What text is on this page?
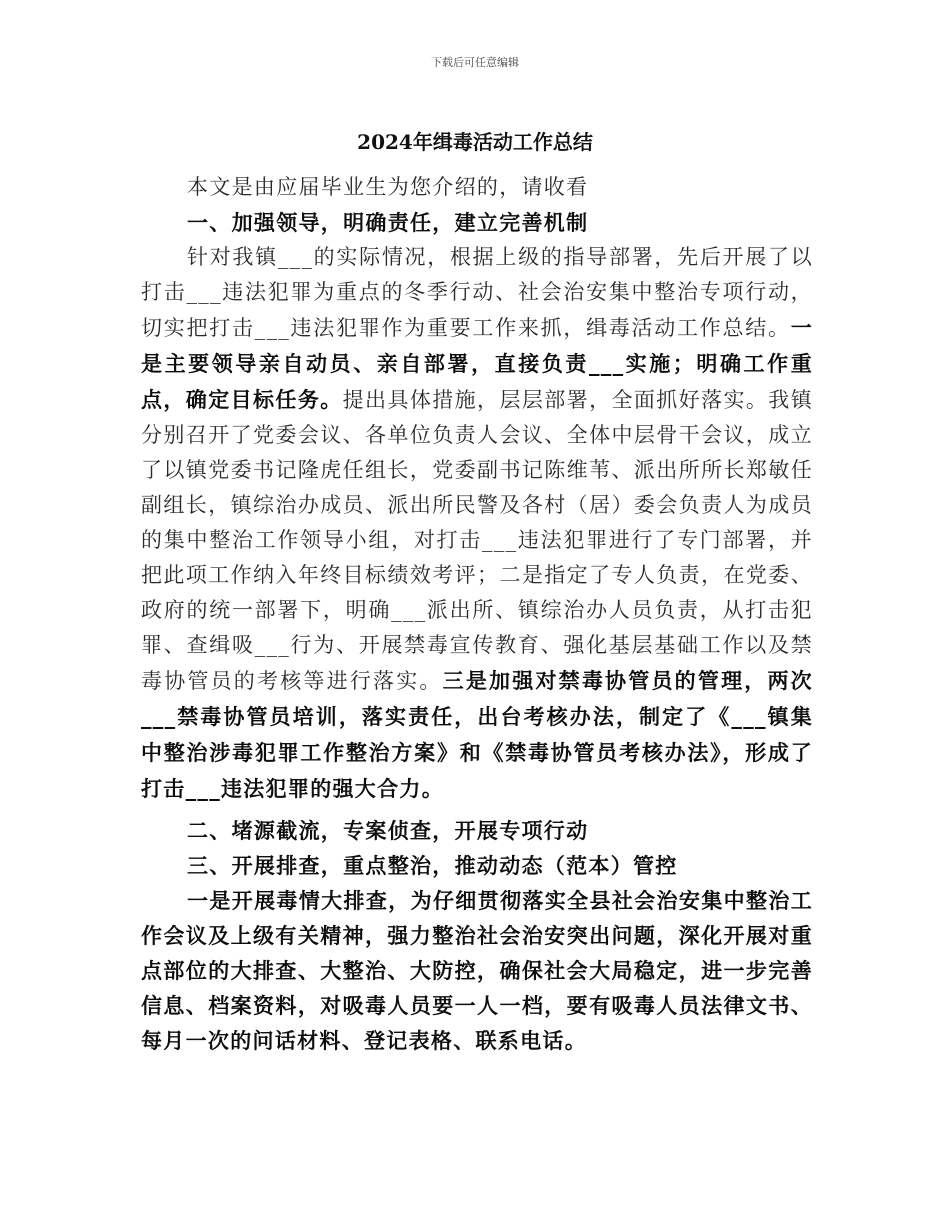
下载后可任意编辑
2024年缉毒活动工作总结

本文是由应届毕业生为您介绍的，请收看

一、加强领导，明确责任，建立完善机制

针对我镇___的实际情况，根据上级的指导部署，先后开展了以打击___违法犯罪为重点的冬季行动、社会治安集中整治专项行动，切实把打击___违法犯罪作为重要工作来抓，缉毒活动工作总结。一是主要领导亲自动员、亲自部署，直接负责___实施；明确工作重点，确定目标任务。提出具体措施，层层部署，全面抓好落实。我镇分别召开了党委会议、各单位负责人会议、全体中层骨干会议，成立了以镇党委书记隆虎任组长，党委副书记陈维苇、派出所所长郑敏任副组长，镇综治办成员、派出所民警及各村（居）委会负责人为成员的集中整治工作领导小组，对打击___违法犯罪进行了专门部署，并把此项工作纳入年终目标绩效考评；二是指定了专人负责，在党委、政府的统一部署下，明确___派出所、镇综治办人员负责，从打击犯罪、查缉吸___行为、开展禁毒宣传教育、强化基层基础工作以及禁毒协管员的考核等进行落实。三是加强对禁毒协管员的管理，两次___禁毒协管员培训，落实责任，出台考核办法，制定了《___镇集中整治涉毒犯罪工作整治方案》和《禁毒协管员考核办法》，形成了打击___违法犯罪的强大合力。

二、堵源截流，专案侦查，开展专项行动

三、开展排查，重点整治，推动动态（范本）管控

一是开展毒情大排查，为仔细贯彻落实全县社会治安集中整治工作会议及上级有关精神，强力整治社会治安突出问题，深化开展对重点部位的大排查、大整治、大防控，确保社会大局稳定，进一步完善信息、档案资料，对吸毒人员要一人一档，要有吸毒人员法律文书、每月一次的问话材料、登记表格、联系电话。
